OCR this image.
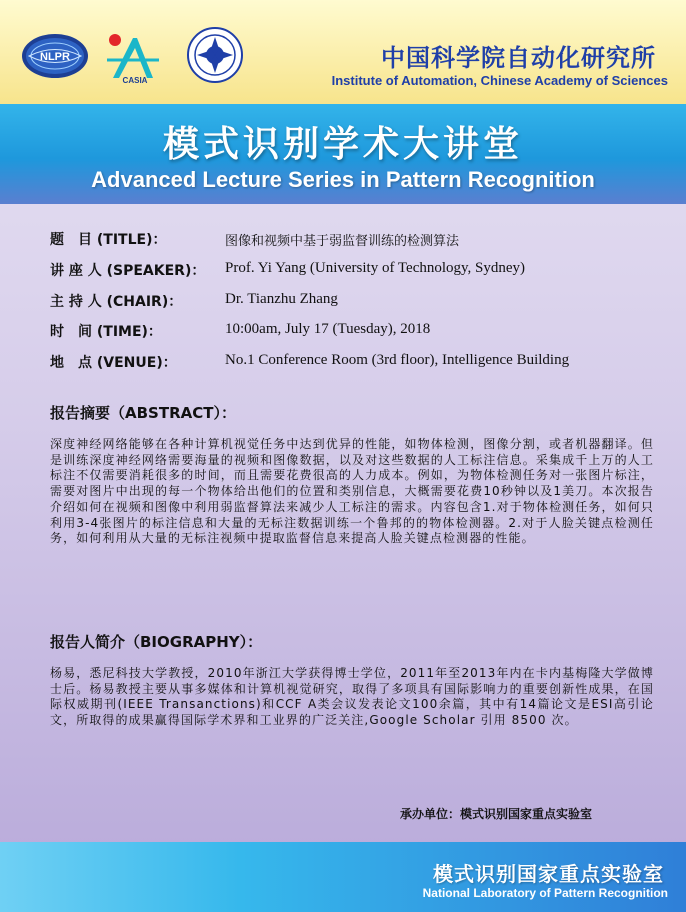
NLPR
CASIA
中国科学院自动化研究所
Institute of Automation, Chinese Academy of Sciences
模式识别学术大讲堂
Advanced Lecture Series in Pattern Recognition
题　目 (TITLE)：	图像和视频中基于弱监督训练的检测算法
讲 座 人 (SPEAKER)： Prof. Yi Yang (University of Technology, Sydney)
主 持 人 (CHAIR)：	Dr. Tianzhu Zhang
时　间 (TIME)：	10:00am, July 17 (Tuesday), 2018
地　点 (VENUE)：	No.1 Conference Room (3rd floor), Intelligence Building
报告摘要（ABSTRACT）：
深度神经网络能够在各种计算机视觉任务中达到优异的性能，如物体检测，图像分割，或者机器翻译。但是训练深度神经网络需要海量的视频和图像数据，以及对这些数据的人工标注信息。采集成千上万的人工标注不仅需要消耗很多的时间，而且需要花费很高的人力成本。例如，为物体检测任务对一张图片标注，需要对图片中出现的每一个物体给出他们的位置和类别信息，大概需要花费10秒钟以及1美刀。本次报告介绍如何在视频和图像中利用弱监督算法来减少人工标注的需求。内容包含1.对于物体检测任务，如何只利用3-4张图片的标注信息和大量的无标注数据训练一个鲁邦的的物体检测器。2.对于人脸关键点检测任务，如何利用从大量的无标注视频中提取监督信息来提高人脸关键点检测器的性能。
报告人简介（BIOGRAPHY）：
杨易，悉尼科技大学教授，2010年浙江大学获得博士学位，2011年至2013年内在卡内基梅隆大学做博士后。杨易教授主要从事多媒体和计算机视觉研究，取得了多项具有国际影响力的重要创新性成果，在国际权威期刊(IEEE Transanctions)和CCF A类会议发表论文100余篇，其中有14篇论文是ESI高引论文，所取得的成果赢得国际学术界和工业界的广泛关注,Google Scholar 引用 8500 次。
承办单位：模式识别国家重点实验室
模式识别国家重点实验室
National Laboratory of Pattern Recognition
